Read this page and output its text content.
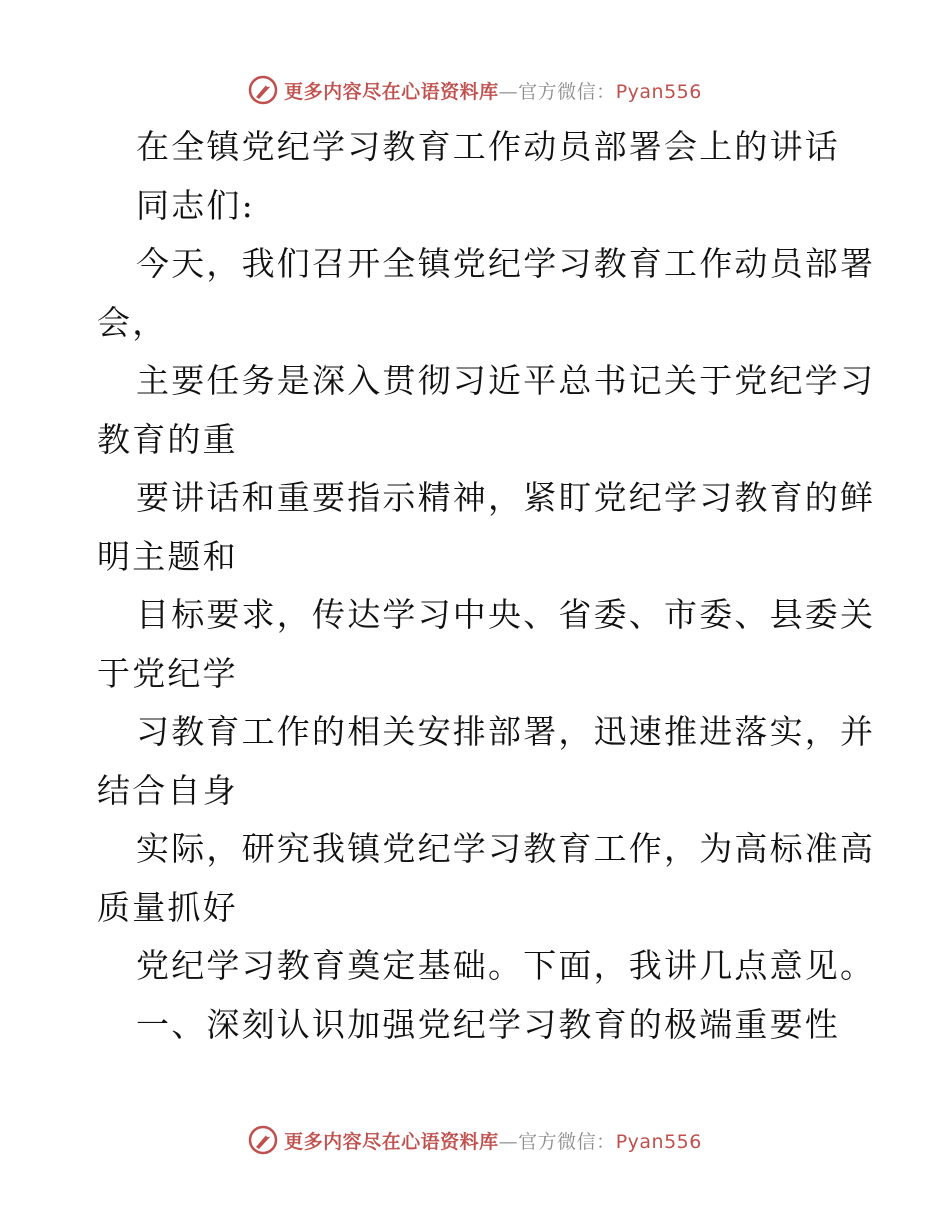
更多内容尽在心语资料库—官方微信：Pyan556
在全镇党纪学习教育工作动员部署会上的讲话
同志们:
今天，我们召开全镇党纪学习教育工作动员部署
会，
主要任务是深入贯彻习近平总书记关于党纪学习
教育的重
要讲话和重要指示精神，紧盯党纪学习教育的鲜
明主题和
目标要求，传达学习中央、省委、市委、县委关
于党纪学
习教育工作的相关安排部署，迅速推进落实，并
结合自身
实际，研究我镇党纪学习教育工作，为高标准高
质量抓好
党纪学习教育奠定基础。下面，我讲几点意见。
一、深刻认识加强党纪学习教育的极端重要性
更多内容尽在心语资料库—官方微信：Pyan556
